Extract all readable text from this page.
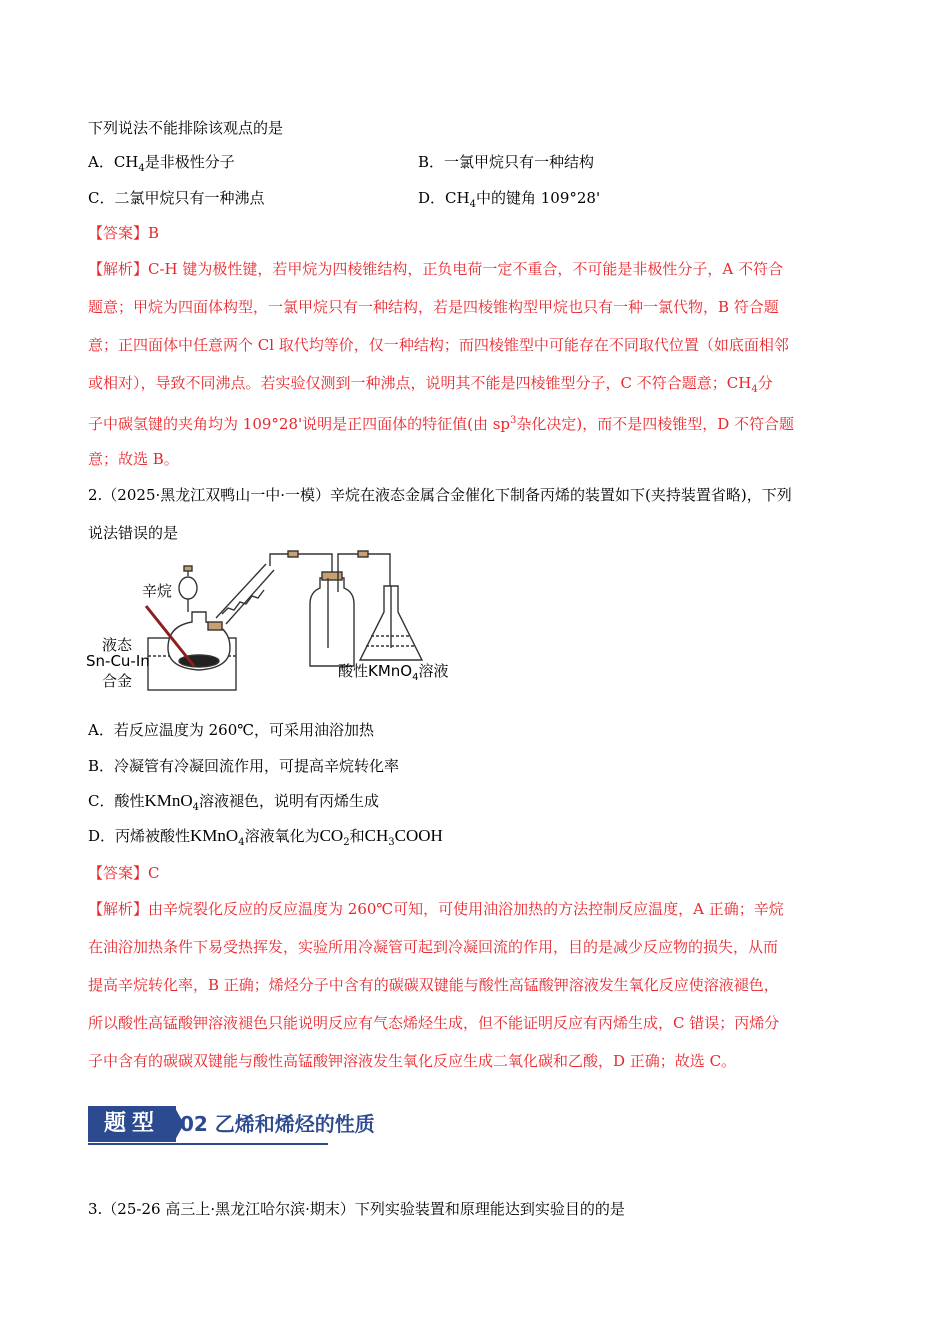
下列说法不能排除该观点的是
A．$CH_4$是非极性分子	B．一氯甲烷只有一种结构
C．二氯甲烷只有一种沸点	D．$CH_4$中的键角 109°28'
【答案】B
【解析】C-H 键为极性键，若甲烷为四棱锥结构，正负电荷一定不重合，不可能是非极性分子，A 不符合
题意；甲烷为四面体构型，一氯甲烷只有一种结构，若是四棱锥构型甲烷也只有一种一氯代物，B 符合题
意；正四面体中任意两个 Cl 取代均等价，仅一种结构；而四棱锥型中可能存在不同取代位置（如底面相邻
或相对），导致不同沸点。若实验仅测到一种沸点，说明其不能是四棱锥型分子，C 不符合题意；$CH_4$分
子中碳氢键的夹角均为 109°28'说明是正四面体的特征值(由 $sp^3$杂化决定)，而不是四棱锥型，D 不符合题
意；故选 B。
2.（2025·黑龙江双鸭山一中·一模）辛烷在液态金属合金催化下制备丙烯的装置如下(夹持装置省略)，下列
说法错误的是
辛烷
液态
Sn-Cu-In
合金
酸性KMnO$_4$溶液
A．若反应温度为 260℃，可采用油浴加热
B．冷凝管有冷凝回流作用，可提高辛烷转化率
C．酸性KMnO$_4$溶液褪色，说明有丙烯生成
D．丙烯被酸性KMnO$_4$溶液氧化为$CO_2$和$CH_3COOH$
【答案】C
【解析】由辛烷裂化反应的反应温度为 260℃可知，可使用油浴加热的方法控制反应温度，A 正确；辛烷
在油浴加热条件下易受热挥发，实验所用冷凝管可起到冷凝回流的作用，目的是减少反应物的损失，从而
提高辛烷转化率，B 正确；烯烃分子中含有的碳碳双键能与酸性高锰酸钾溶液发生氧化反应使溶液褪色，
所以酸性高锰酸钾溶液褪色只能说明反应有气态烯烃生成，但不能证明反应有丙烯生成，C 错误；丙烯分
子中含有的碳碳双键能与酸性高锰酸钾溶液发生氧化反应生成二氧化碳和乙酸，D 正确；故选 C。
题型	02 乙烯和烯烃的性质
3.（25-26 高三上·黑龙江哈尔滨·期末）下列实验装置和原理能达到实验目的的是
